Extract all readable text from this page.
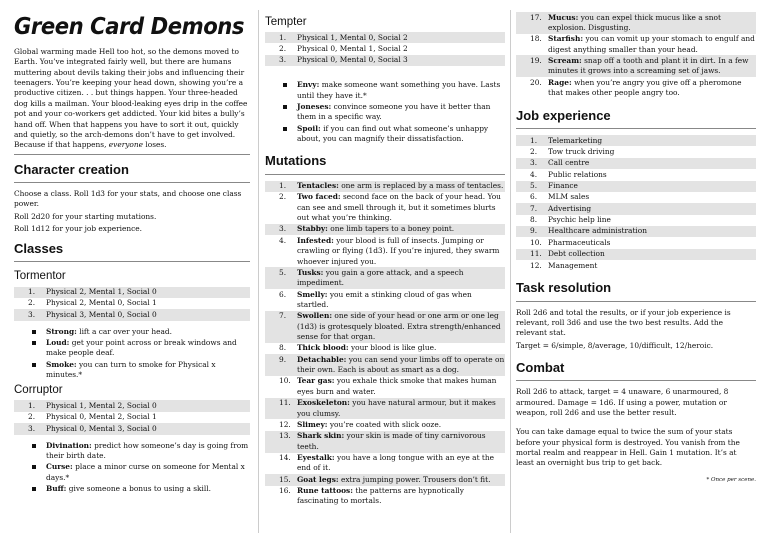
Green Card Demons

Global warming made Hell too hot, so the demons moved to Earth. You’ve integrated fairly well, but there are humans muttering about devils taking their jobs and influencing their teenagers. You’re keeping your head down, showing you’re a productive citizen. . . but things happen. Your three-headed dog kills a mailman. Your blood-leaking eyes drip in the coffee pot and your co-workers get addicted. Your kid bites a bully’s hand off. When that happens you have to sort it out, quickly and quietly, so the arch-demons don’t have to get involved. Because if that happens, everyone loses.

Character creation

Choose a class. Roll 1d3 for your stats, and choose one class power.

Roll 2d20 for your starting mutations.

Roll 1d12 for your job experience.

Classes
Tormentor
1.	Physical 2, Mental 1, Social 0
2.	Physical 2, Mental 0, Social 1
3.	Physical 3, Mental 0, Social 0
Strong: lift a car over your head.
Loud: get your point across or break windows and make people deaf.
Smoke: you can turn to smoke for Physical x minutes.*
Corruptor
1.	Physical 1, Mental 2, Social 0
2.	Physical 0, Mental 2, Social 1
3.	Physical 0, Mental 3, Social 0
Divination: predict how someone’s day is going from their birth date.
Curse: place a minor curse on someone for Mental x days.*
Buff: give someone a bonus to using a skill.
Tempter
1.	Physical 1, Mental 0, Social 2
2.	Physical 0, Mental 1, Social 2
3.	Physical 0, Mental 0, Social 3
Envy: make someone want something you have. Lasts until they have it.*
Joneses: convince someone you have it better than them in a specific way.
Spoil: if you can find out what someone’s unhappy about, you can magnify their dissatisfaction.
Mutations
1.	Tentacles: one arm is replaced by a mass of tentacles.
2.	Two faced: second face on the back of your head. You can see and smell through it, but it sometimes blurts out what you’re thinking.
3.	Stabby: one limb tapers to a boney point.
4.	Infested: your blood is full of insects. Jumping or crawling or flying (1d3). If you’re injured, they swarm whoever injured you.
5.	Tusks: you gain a gore attack, and a speech impediment.
6.	Smelly: you emit a stinking cloud of gas when startled.
7.	Swollen: one side of your head or one arm or one leg (1d3) is grotesquely bloated. Extra strength/enhanced sense for that organ.
8.	Thick blood: your blood is like glue.
9.	Detachable: you can send your limbs off to operate on their own. Each is about as smart as a dog.
10. Tear gas: you exhale thick smoke that makes human eyes burn and water.
11. Exoskeleton: you have natural armour, but it makes you clumsy.
12. Slimey: you’re coated with slick ooze.
13. Shark skin: your skin is made of tiny carnivorous teeth.
14. Eyestalk: you have a long tongue with an eye at the end of it.
15. Goat legs: extra jumping power. Trousers don’t fit.
16. Rune tattoos: the patterns are hypnotically fascinating to mortals.
17. Mucus: you can expel thick mucus like a snot explosion. Disgusting.
18. Starfish: you can vomit up your stomach to engulf and digest anything smaller than your head.
19. Scream: snap off a tooth and plant it in dirt. In a few minutes it grows into a screaming set of jaws.
20. Rage: when you’re angry you give off a pheromone that makes other people angry too.
Job experience
1.	Telemarketing
2.	Tow truck driving
3.	Call centre
4.	Public relations
5.	Finance
6.	MLM sales
7.	Advertising
8.	Psychic help line
9.	Healthcare administration
10. Pharmaceuticals
11. Debt collection
12. Management
Task resolution

Roll 2d6 and total the results, or if your job experience is relevant, roll 3d6 and use the two best results. Add the relevant stat.

Target = 6/simple, 8/average, 10/difficult, 12/heroic.

Combat

Roll 2d6 to attack, target = 4 unaware, 6 unarmoured, 8 armoured. Damage = 1d6. If using a power, mutation or weapon, roll 2d6 and use the better result.

You can take damage equal to twice the sum of your stats before your physical form is destroyed. You vanish from the mortal realm and reappear in Hell. Gain 1 mutation. It’s at least an overnight bus trip to get back.

* Once per scene.
